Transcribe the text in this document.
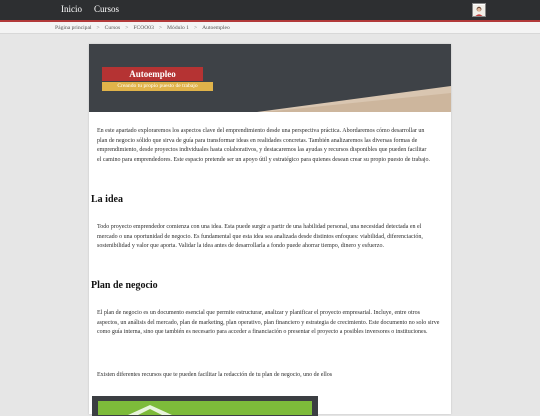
Inicio Cursos
Página principal > Cursos > FCOO03 > Módulo 1 > Autoempleo
Autoempleo
Creando tu propio puesto de trabajo
En este apartado exploraremos los aspectos clave del emprendimiento desde una perspectiva práctica. Abordaremos cómo desarrollar un plan de negocio sólido que sirva de guía para transformar ideas en realidades concretas. También analizaremos las diversas formas de emprendimiento, desde proyectos individuales hasta colaborativos, y destacaremos las ayudas y recursos disponibles que pueden facilitar el camino para emprendedores. Este espacio pretende ser un apoyo útil y estratégico para quienes desean crear su propio puesto de trabajo.
La idea
Todo proyecto emprendedor comienza con una idea. Esta puede surgir a partir de una habilidad personal, una necesidad detectada en el mercado o una oportunidad de negocio. Es fundamental que esta idea sea analizada desde distintos enfoques: viabilidad, diferenciación, sostenibilidad y valor que aporta. Validar la idea antes de desarrollarla a fondo puede ahorrar tiempo, dinero y esfuerzo.
Plan de negocio
El plan de negocio es un documento esencial que permite estructurar, analizar y planificar el proyecto empresarial. Incluye, entre otros aspectos, un análisis del mercado, plan de marketing, plan operativo, plan financiero y estrategia de crecimiento. Este documento no solo sirve como guía interna, sino que también es necesario para acceder a financiación o presentar el proyecto a posibles inversores o instituciones.
Existen diferentes recursos que te pueden facilitar la redacción de tu plan de negocio, uno de ellos
